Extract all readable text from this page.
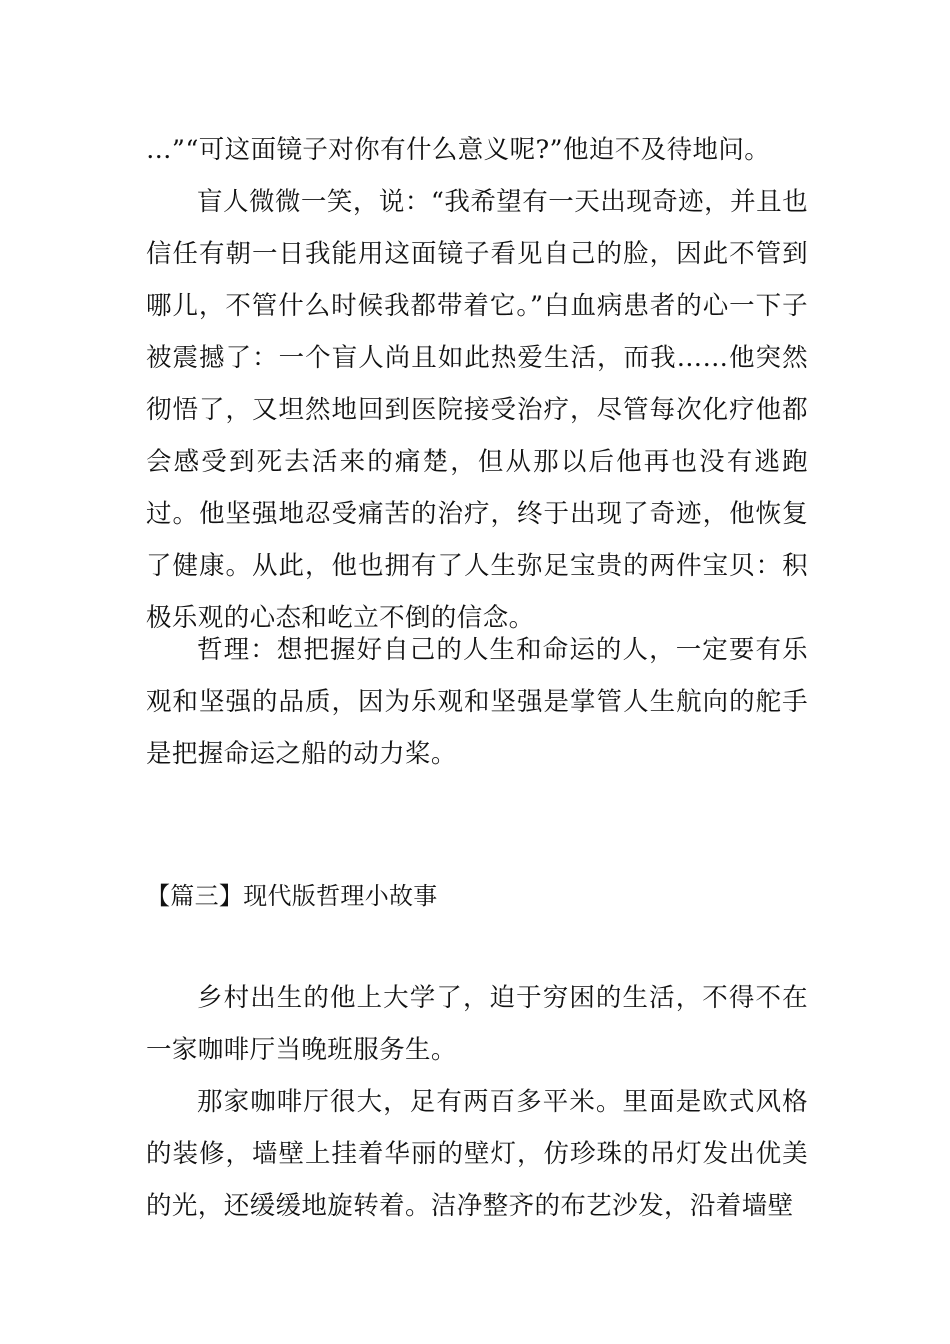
…”“可这面镜子对你有什么意义呢?”他迫不及待地问。

盲人微微一笑，说：“我希望有一天出现奇迹，并且也信任有朝一日我能用这面镜子看见自己的脸，因此不管到哪儿，不管什么时候我都带着它。”白血病患者的心一下子被震撼了：一个盲人尚且如此热爱生活，而我……他突然彻悟了，又坦然地回到医院接受治疗，尽管每次化疗他都会感受到死去活来的痛楚，但从那以后他再也没有逃跑过。他坚强地忍受痛苦的治疗，终于出现了奇迹，他恢复了健康。从此，他也拥有了人生弥足宝贵的两件宝贝：积极乐观的心态和屹立不倒的信念。

哲理：想把握好自己的人生和命运的人，一定要有乐观和坚强的品质，因为乐观和坚强是掌管人生航向的舵手是把握命运之船的动力桨。

【篇三】现代版哲理小故事

乡村出生的他上大学了，迫于穷困的生活，不得不在一家咖啡厅当晚班服务生。

那家咖啡厅很大，足有两百多平米。里面是欧式风格的装修，墙壁上挂着华丽的壁灯，仿珍珠的吊灯发出优美的光，还缓缓地旋转着。洁净整齐的布艺沙发，沿着墙壁
